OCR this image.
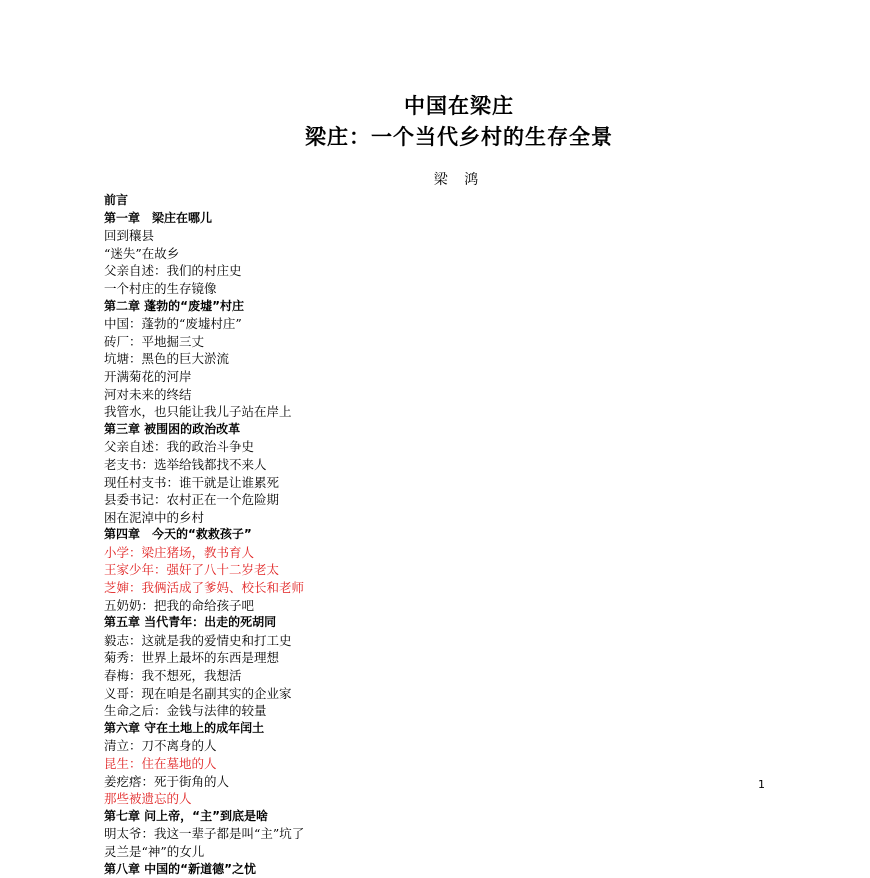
中国在梁庄
梁庄：一个当代乡村的生存全景
梁 鸿
前言
第一章　梁庄在哪儿
回到穰县
“迷失”在故乡
父亲自述：我们的村庄史
一个村庄的生存镜像
第二章 蓬勃的“废墟”村庄
中国：蓬勃的“废墟村庄”
砖厂：平地掘三丈
坑塘：黑色的巨大淤流
开满菊花的河岸
河对未来的终结
我管水，也只能让我儿子站在岸上
第三章 被围困的政治改革
父亲自述：我的政治斗争史
老支书：选举给钱都找不来人
现任村支书：谁干就是让谁累死
县委书记：农村正在一个危险期
困在泥淖中的乡村
第四章　今天的“救救孩子”
小学：梁庄猪场，教书育人
王家少年：强奸了八十二岁老太
芝婶：我俩活成了爹妈、校长和老师
五奶奶：把我的命给孩子吧
第五章 当代青年：出走的死胡同
毅志：这就是我的爱情史和打工史
菊秀：世界上最坏的东西是理想
春梅：我不想死，我想活
义哥：现在咱是名副其实的企业家
生命之后：金钱与法律的较量
第六章 守在土地上的成年闰土
清立：刀不离身的人
昆生：住在墓地的人
姜疙瘩：死于街角的人
那些被遗忘的人
第七章 问上帝，“主”到底是啥
明太爷：我这一辈子都是叫“主”坑了
灵兰是“神”的女儿
第八章 中国的“新道德”之忧
1
